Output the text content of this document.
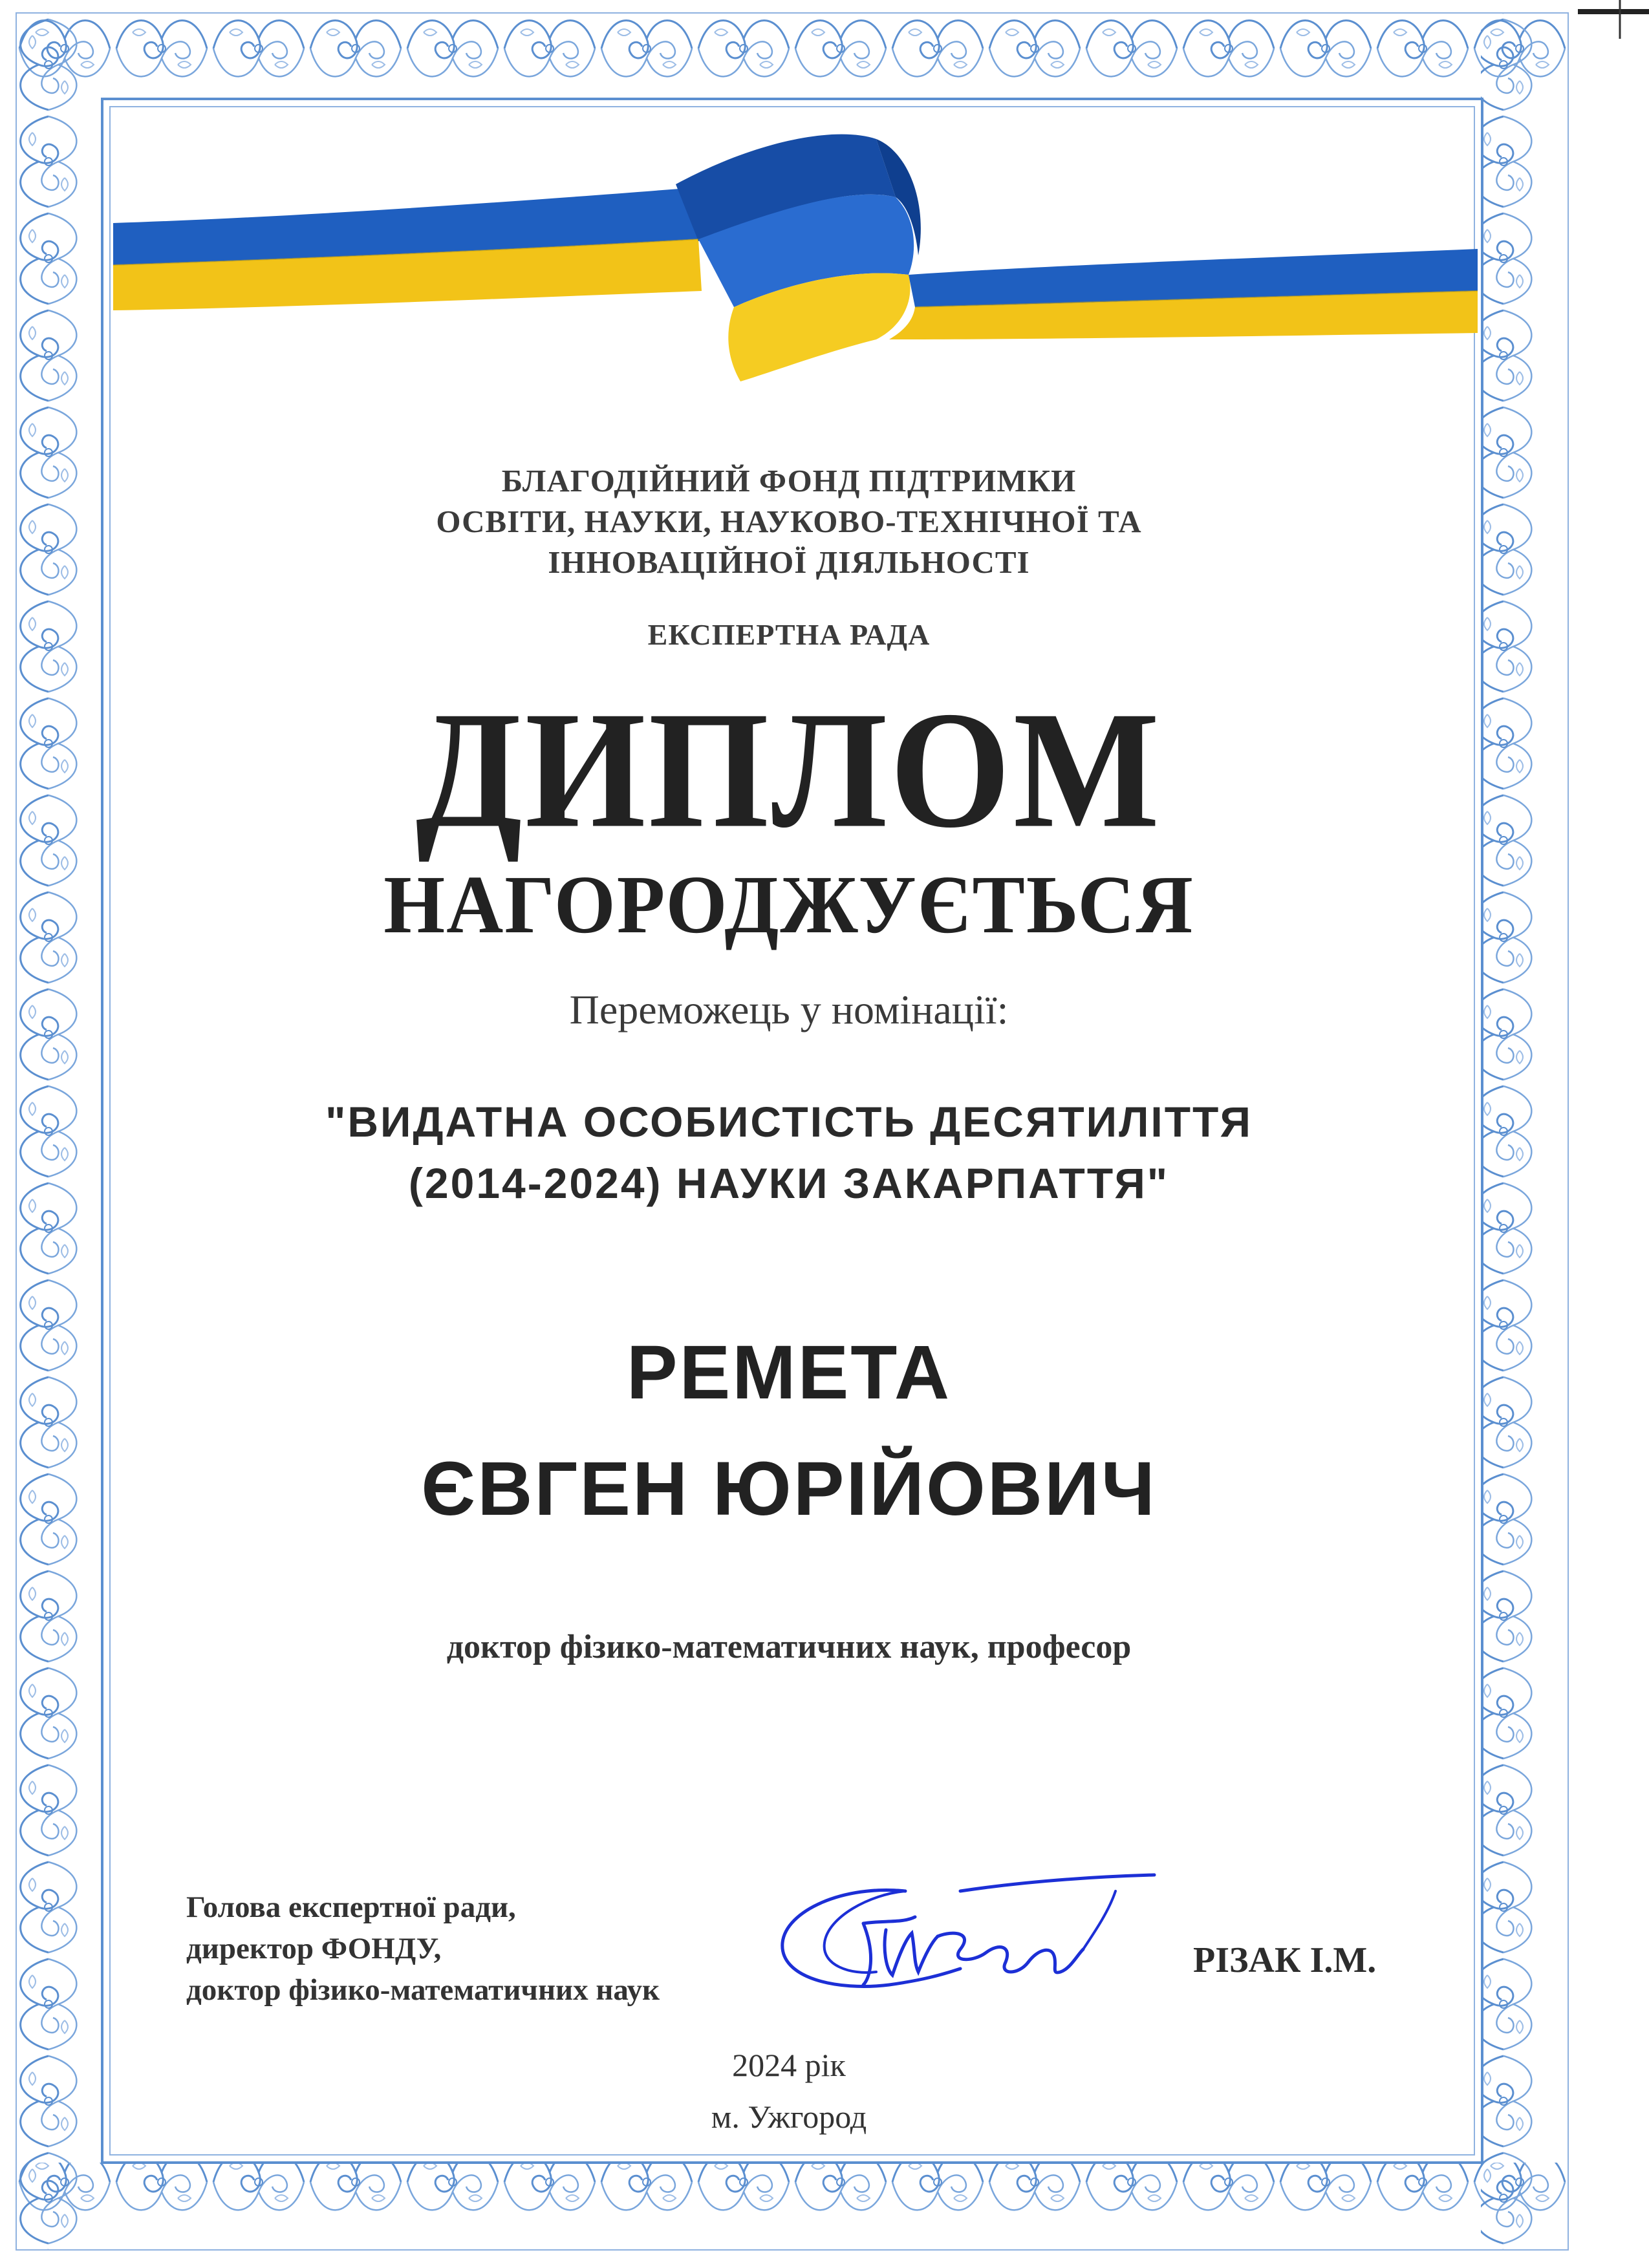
БЛАГОДІЙНИЙ ФОНД ПІДТРИМКИ
ОСВІТИ, НАУКИ, НАУКОВО-ТЕХНІЧНОЇ ТА
ІННОВАЦІЙНОЇ ДІЯЛЬНОСТІ
ЕКСПЕРТНА РАДА
ДИПЛОМ
НАГОРОДЖУЄТЬСЯ
Переможець у номінації:
"ВИДАТНА ОСОБИСТІСТЬ ДЕСЯТИЛІТТЯ
(2014-2024) НАУКИ ЗАКАРПАТТЯ"
РЕМЕТА
ЄВГЕН ЮРІЙОВИЧ
доктор фізико-математичних наук, професор
Голова експертної ради,
директор ФОНДУ,
доктор фізико-математичних наук
РІЗАК І.М.
2024 рік
м. Ужгород
